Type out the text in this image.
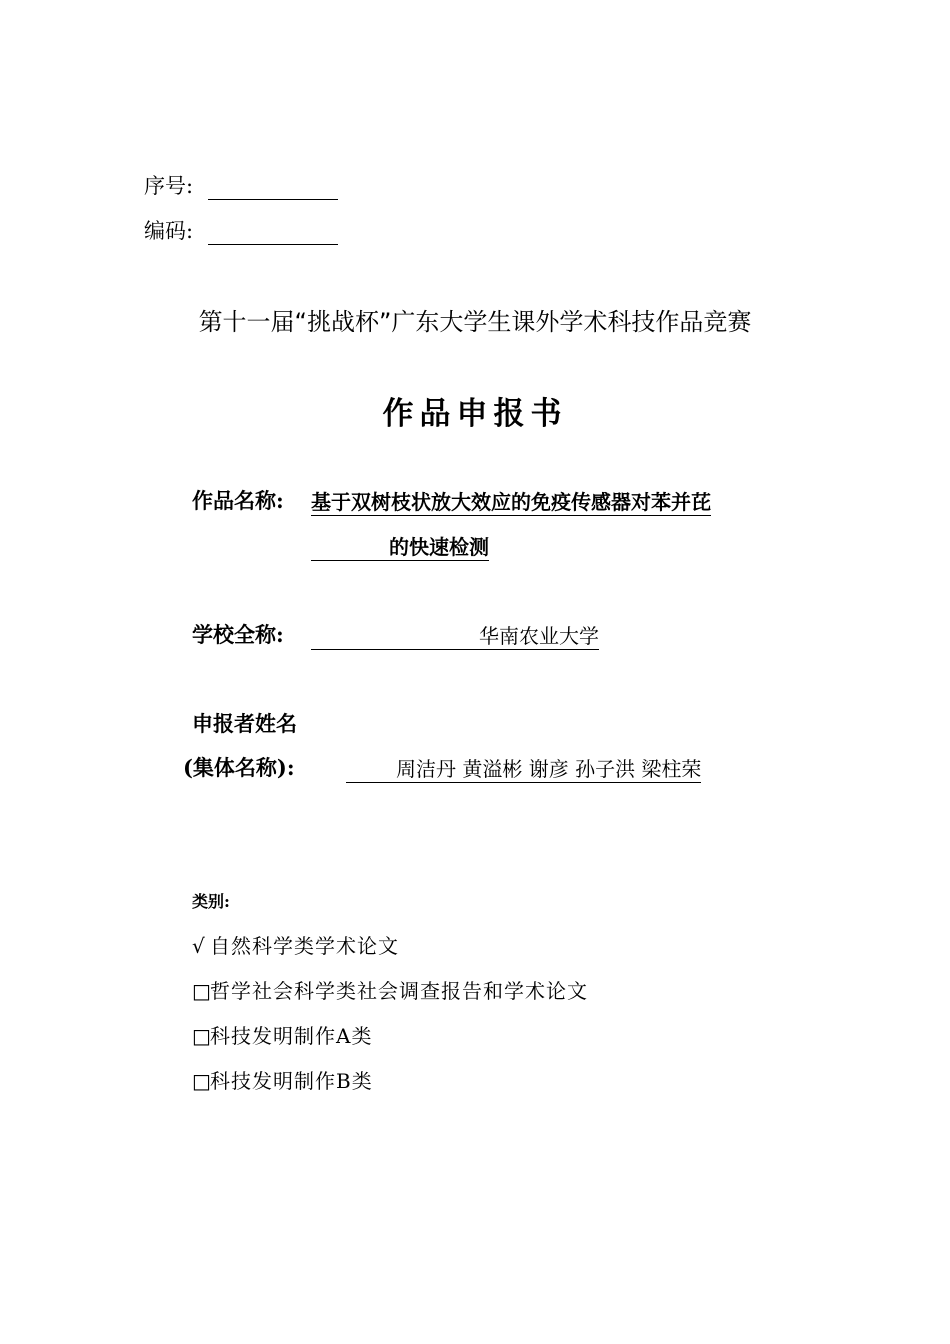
序号:
编码:
第十一届“挑战杯”广东大学生课外学术科技作品竞赛
作品申报书
作品名称: 基于双树枝状放大效应的免疫传感器对苯并芘
的快速检测
学校全称:	华南农业大学
申报者姓名
(集体名称):	周洁丹 黄溢彬 谢彦 孙子洪 梁柱荣
类别:
√ 自然科学类学术论文
□哲学社会科学类社会调查报告和学术论文
□科技发明制作A类
□科技发明制作B类
